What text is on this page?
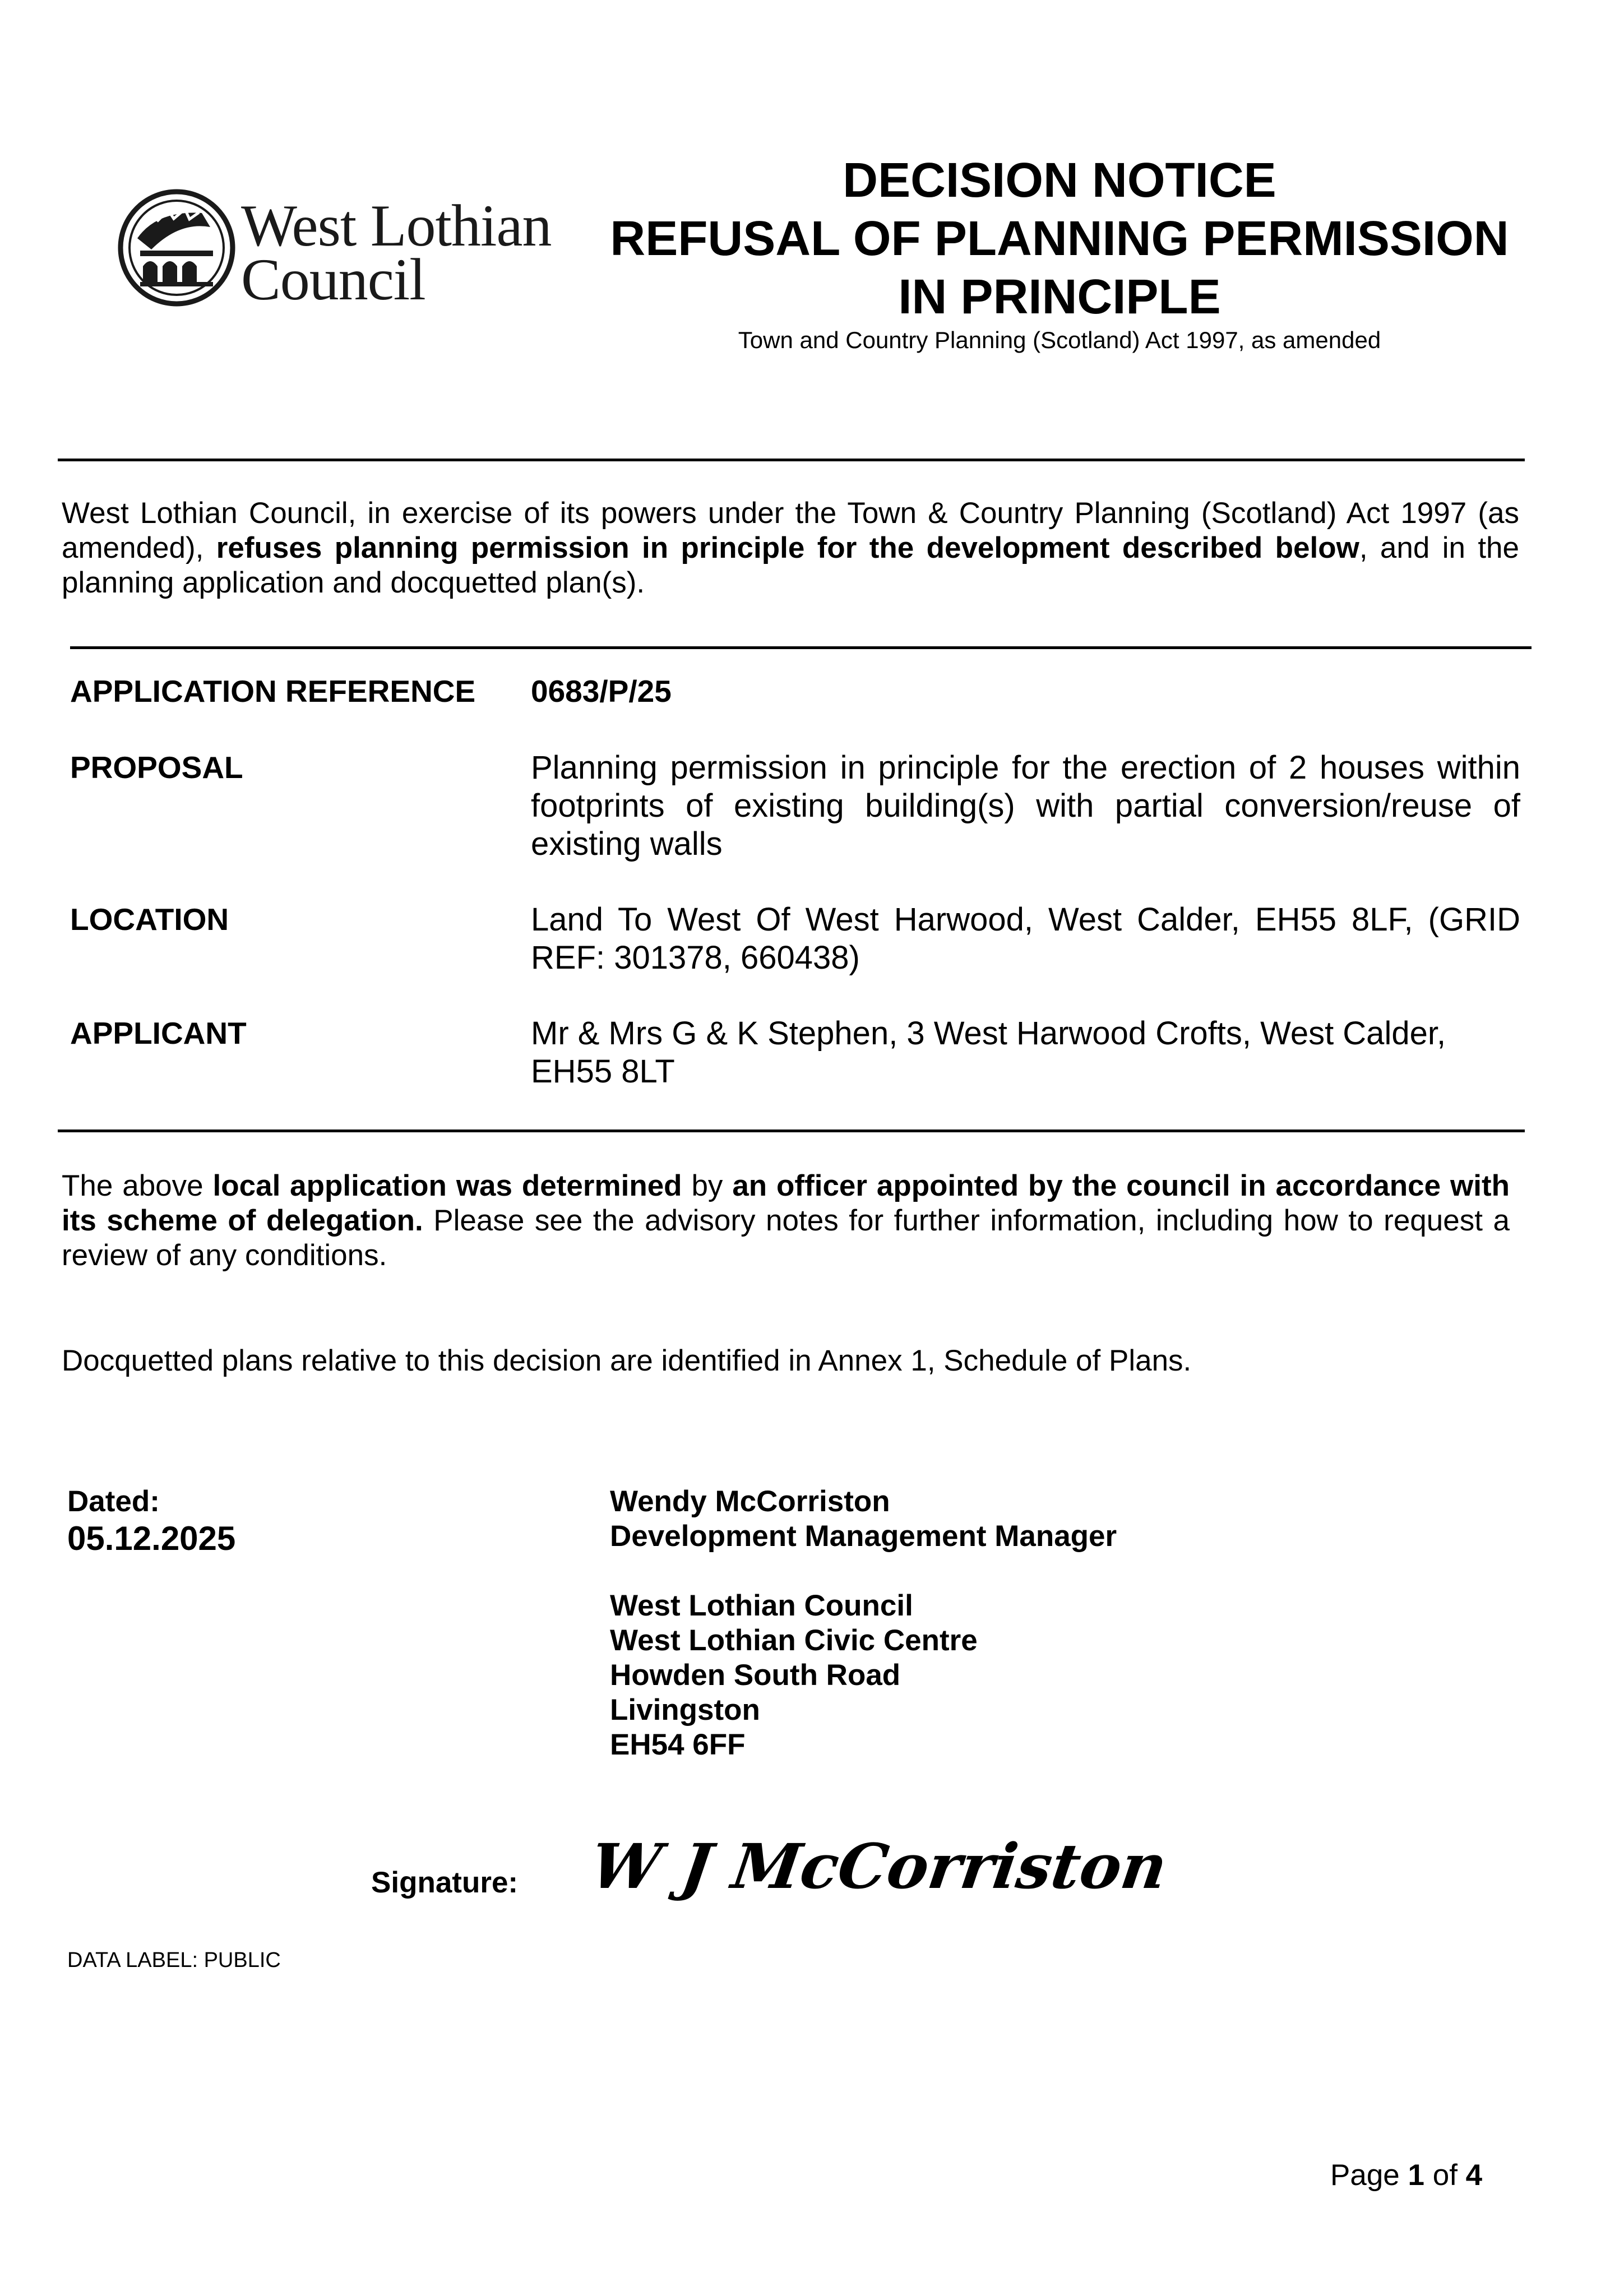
West Lothian
Council
DECISION NOTICE
REFUSAL OF PLANNING PERMISSION
IN PRINCIPLE
Town and Country Planning (Scotland) Act 1997, as amended
West Lothian Council, in exercise of its powers under the Town & Country Planning (Scotland) Act 1997 (as amended), refuses planning permission in principle for the development described below, and in the planning application and docquetted plan(s).
APPLICATION REFERENCE 0683/P/25
PROPOSAL	Planning permission in principle for the erection of 2 houses within footprints of existing building(s) with partial conversion/reuse of existing walls
LOCATION	Land To West Of West Harwood, West Calder, EH55 8LF, (GRID REF: 301378, 660438)
APPLICANT	Mr & Mrs G & K Stephen, 3 West Harwood Crofts, West Calder, EH55 8LT
The above local application was determined by an officer appointed by the council in accordance with its scheme of delegation. Please see the advisory notes for further information, including how to request a review of any conditions.
Docquetted plans relative to this decision are identified in Annex 1, Schedule of Plans.
Dated:
05.12.2025
Wendy McCorriston
Development Management Manager
West Lothian Council
West Lothian Civic Centre
Howden South Road
Livingston
EH54 6FF
Signature: W J McCorriston
DATA LABEL: PUBLIC
Page 1 of 4
